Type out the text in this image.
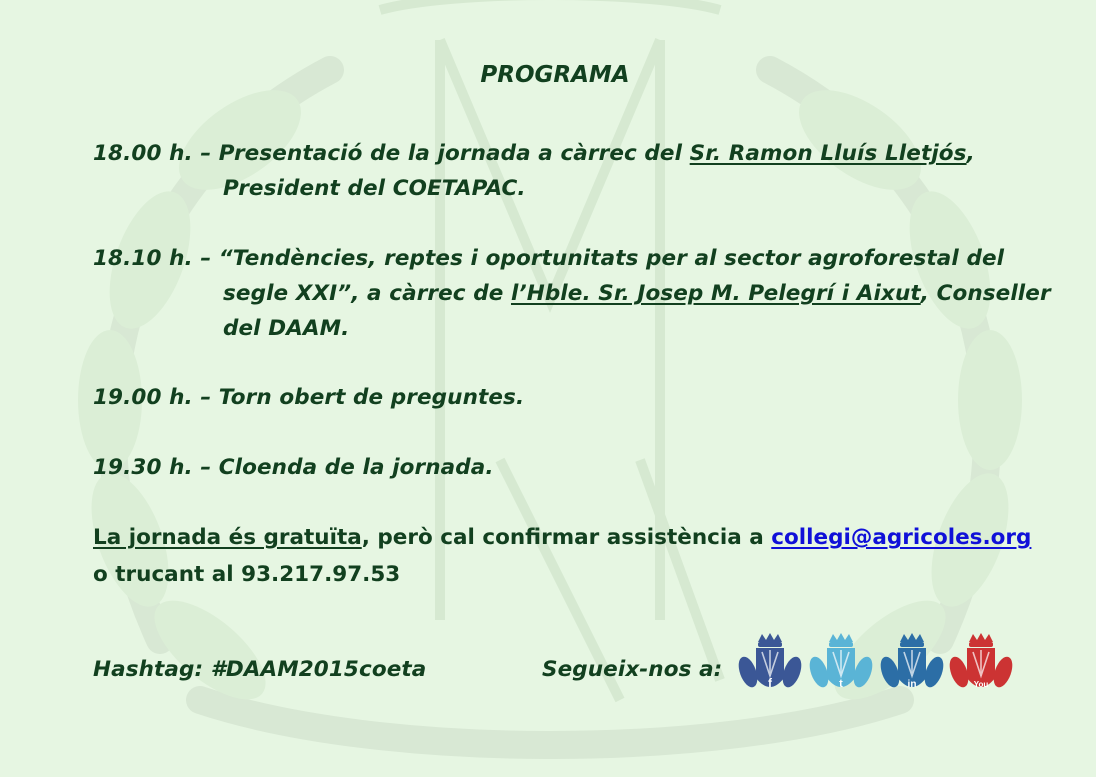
PROGRAMA
18.00 h. – Presentació de la jornada a càrrec del Sr. Ramon Lluís Lletjós,
President del COETAPAC.
18.10 h. – “Tendències, reptes i oportunitats per al sector agroforestal del
segle XXI”, a càrrec de l’Hble. Sr. Josep M. Pelegrí i Aixut, Conseller
del DAAM.
19.00 h. – Torn obert de preguntes.
19.30 h. – Cloenda de la jornada.
La jornada és gratuïta, però cal confirmar assistència a collegi@agricoles.org
o trucant al 93.217.97.53
Hashtag: #DAAM2015coeta	Segueix-nos a:
f	t	in	You
